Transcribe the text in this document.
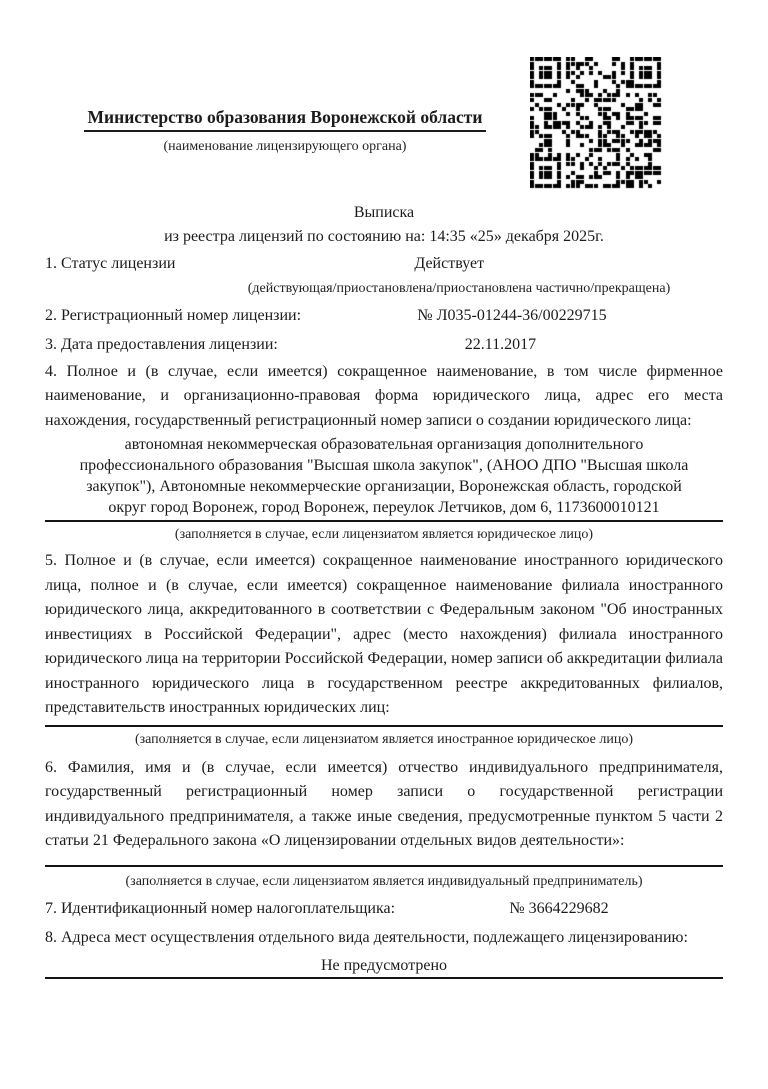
Министерство образования Воронежской области
(наименование лицензирующего органа)
Выписка
из реестра лицензий по состоянию на: 14:35 «25» декабря 2025г.
1. Статус лицензии	Действует
(действующая/приостановлена/приостановлена частично/прекращена)
2. Регистрационный номер лицензии:	№ Л035-01244-36/00229715
3. Дата предоставления лицензии:	22.11.2017

4. Полное и (в случае, если имеется) сокращенное наименование, в том числе фирменное наименование, и организационно-правовая форма юридического лица, адрес его места нахождения, государственный регистрационный номер записи о создании юридического лица:

автономная некоммерческая образовательная организация дополнительного профессионального образования "Высшая школа закупок", (АНОО ДПО "Высшая школа закупок"), Автономные некоммерческие организации, Воронежская область, городской округ город Воронеж, город Воронеж, переулок Летчиков, дом 6, 1173600010121
(заполняется в случае, если лицензиатом является юридическое лицо)

5. Полное и (в случае, если имеется) сокращенное наименование иностранного юридического лица, полное и (в случае, если имеется) сокращенное наименование филиала иностранного юридического лица, аккредитованного в соответствии с Федеральным законом "Об иностранных инвестициях в Российской Федерации", адрес (место нахождения) филиала иностранного юридического лица на территории Российской Федерации, номер записи об аккредитации филиала иностранного юридического лица в государственном реестре аккредитованных филиалов, представительств иностранных юридических лиц:

(заполняется в случае, если лицензиатом является иностранное юридическое лицо)

6. Фамилия, имя и (в случае, если имеется) отчество индивидуального предпринимателя, государственный регистрационный номер записи о государственной регистрации индивидуального предпринимателя, а также иные сведения, предусмотренные пунктом 5 части 2 статьи 21 Федерального закона «О лицензировании отдельных видов деятельности»:

(заполняется в случае, если лицензиатом является индивидуальный предприниматель)
7. Идентификационный номер налогоплательщика:	№ 3664229682
8. Адреса мест осуществления отдельного вида деятельности, подлежащего лицензированию:
Не предусмотрено
